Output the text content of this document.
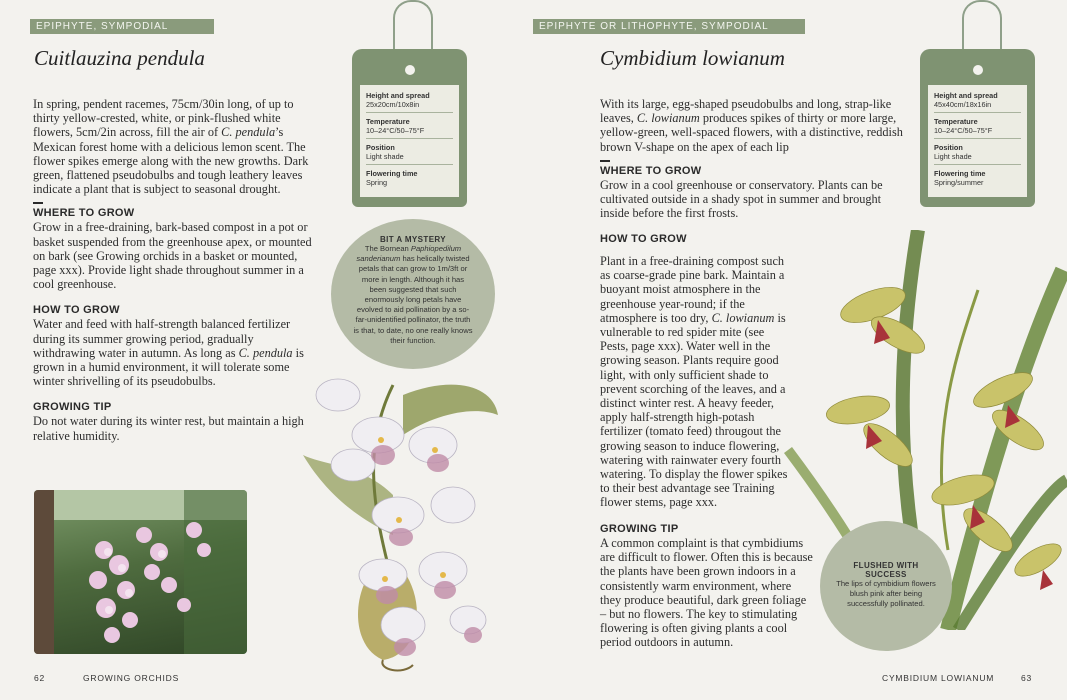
EPIPHYTE, SYMPODIAL
Cuitlauzina pendula

In spring, pendent racemes, 75cm/30in long, of up to thirty yellow-crested, white, or pink-flushed white flowers, 5cm/2in across, fill the air of C. pendula’s Mexican forest home with a delicious lemon scent. The flower spikes emerge along with the new growths. Dark green, flattened pseudobulbs and tough leathery leaves indicate a plant that is subject to seasonal drought.

WHERE TO GROW

Grow in a free-draining, bark-based compost in a pot or basket suspended from the greenhouse apex, or mounted on bark (see Growing orchids in a basket or mounted, page xxx). Provide light shade throughout summer in a cool greenhouse.

HOW TO GROW

Water and feed with half-strength balanced fertilizer during its summer growing period, gradually withdrawing water in autumn. As long as C. pendula is grown in a humid environment, it will tolerate some winter shrivelling of its pseudobulbs.

GROWING TIP

Do not water during its winter rest, but maintain a high relative humidity.

Height and spread
25x20cm/10x8in
Temperature
10–24°C/50–75°F
Position
Light shade
Flowering time
Spring
BIT A MYSTERY
The Bornean Paphiopedilum sanderianum has helically twisted petals that can grow to 1m/3ft or more in length. Although it has been suggested that such enormously long petals have evolved to aid pollination by a so-far-unidentified pollinator, the truth is that, to date, no one really knows their function.
62	GROWING ORCHIDS
EPIPHYTE OR LITHOPHYTE, SYMPODIAL
Cymbidium lowianum

With its large, egg-shaped pseudobulbs and long, strap-like leaves, C. lowianum produces spikes of thirty or more large, yellow-green, well-spaced flowers, with a distinctive, reddish brown V-shape on the apex of each lip

WHERE TO GROW

Grow in a cool greenhouse or conservatory. Plants can be cultivated outside in a shady spot in summer and brought inside before the first frosts.

HOW TO GROW

Plant in a free-draining compost such as coarse-grade pine bark. Maintain a buoyant moist atmosphere in the greenhouse year-round; if the atmosphere is too dry, C. lowianum is vulnerable to red spider mite (see Pests, page xxx). Water well in the growing season. Plants require good light, with only sufficient shade to prevent scorching of the leaves, and a distinct winter rest. A heavy feeder, apply half-strength high-potash fertilizer (tomato feed) througout the growing season to induce flowering, watering with rainwater every fourth watering. To display the flower spikes to their best advantage see Training flower stems, page xxx.

GROWING TIP

A common complaint is that cymbidiums are difficult to flower. Often this is because the plants have been grown indoors in a consistently warm environment, where they produce beautiful, dark green foliage – but no flowers. The key to stimulating flowering is often giving plants a cool period outdoors in autumn.

Height and spread
45x40cm/18x16in
Temperature
10–24°C/50–75°F
Position
Light shade
Flowering time
Spring/summer
FLUSHED WITH SUCCESS
The lips of cymbidium flowers blush pink after being successfully pollinated.
CYMBIDIUM LOWIANUM	63
